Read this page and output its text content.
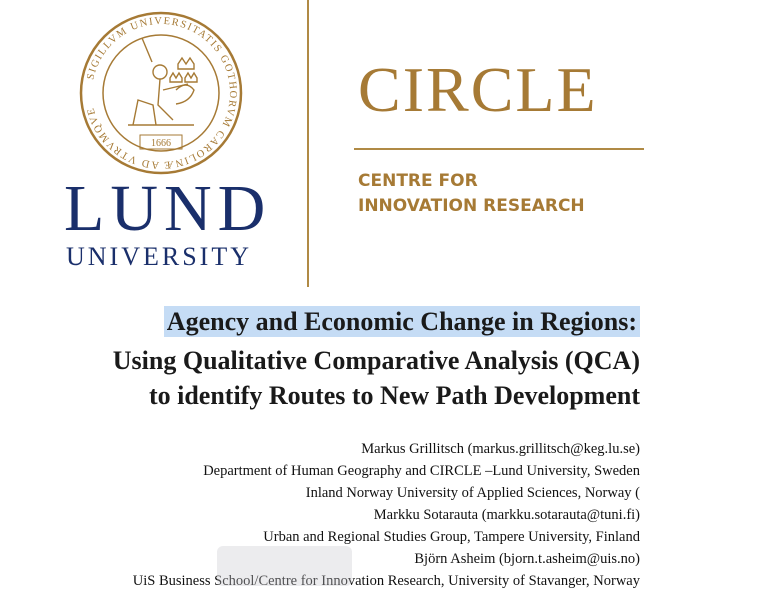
SIGILLVM UNIVERSITATIS GOTHORVM CAROLINÆ AD VTRVMQVE
1666
LUND
UNIVERSITY
CIRCLE
CENTRE FOR
INNOVATION RESEARCH
Agency and Economic Change in Regions:
Using Qualitative Comparative Analysis (QCA)
to identify Routes to New Path Development
Markus Grillitsch (markus.grillitsch@keg.lu.se)
Department of Human Geography and CIRCLE –Lund University, Sweden
Inland Norway University of Applied Sciences, Norway (
Markku Sotarauta (markku.sotarauta@tuni.fi)
Urban and Regional Studies Group, Tampere University, Finland
Björn Asheim (bjorn.t.asheim@uis.no)
UiS Business School/Centre for Innovation Research, University of Stavanger, Norway
